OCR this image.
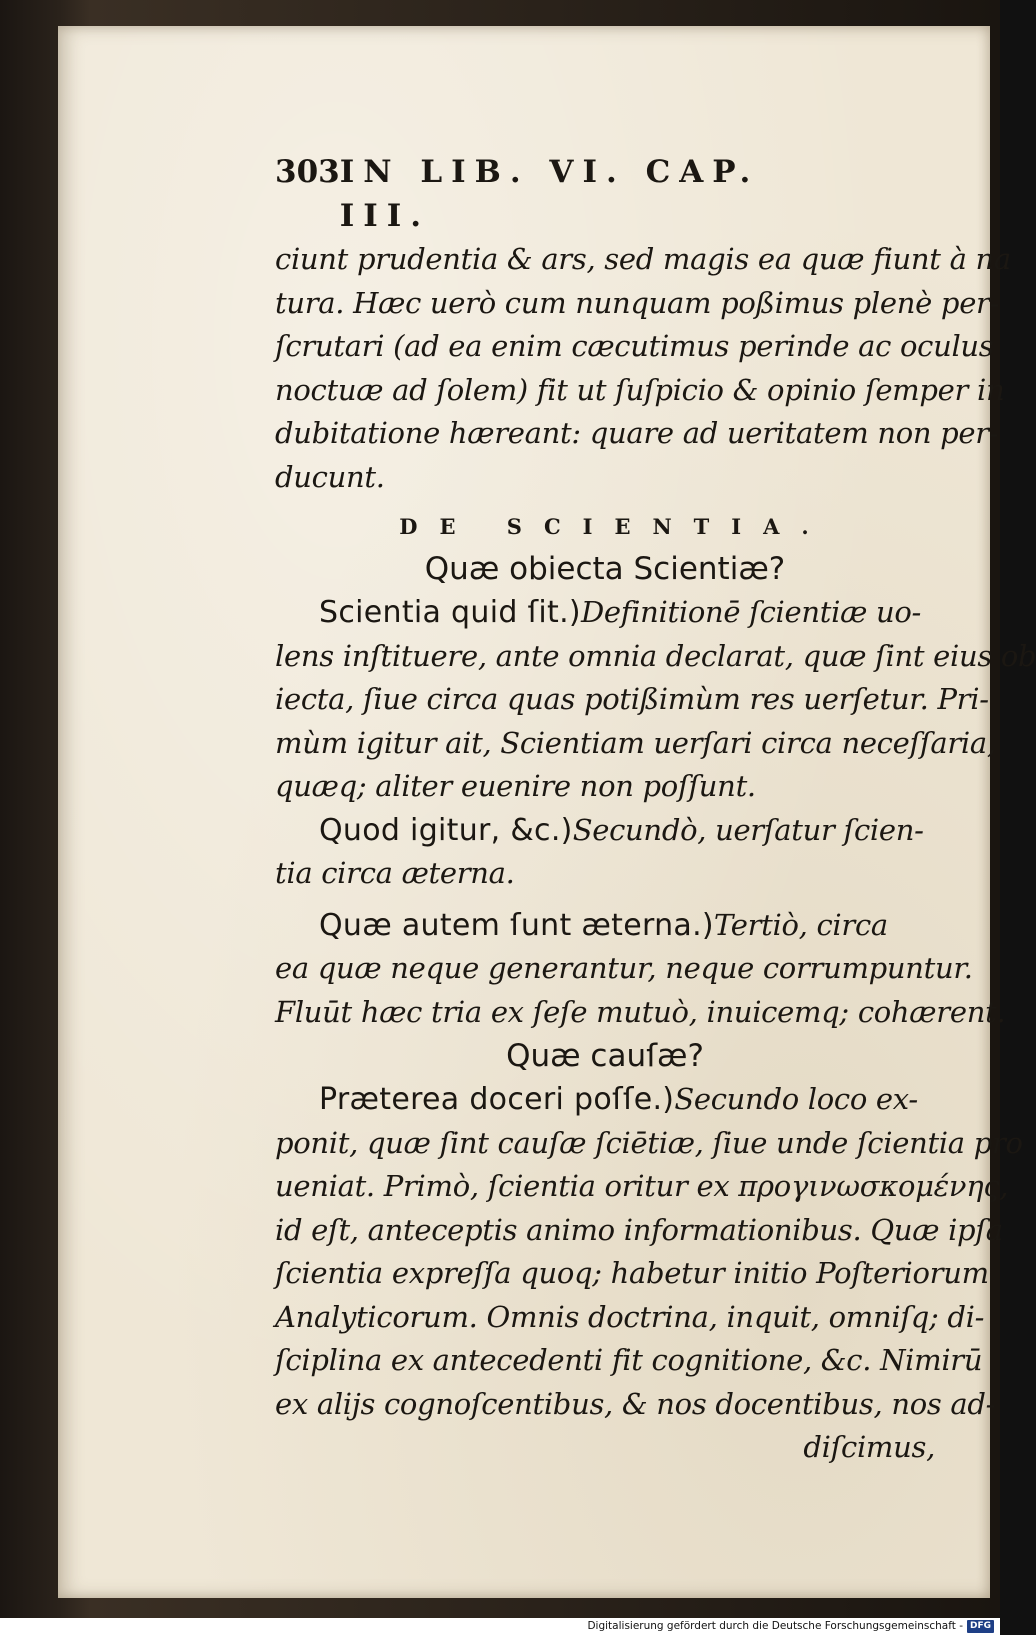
303 IN LIB. VI. CAP. III.
ciunt prudentia & ars, sed magis ea quæ fiunt à na
tura. Hæc uerò cum nunquam poßimus plenè per-
ſcrutari (ad ea enim cæcutimus perinde ac oculus
noctuæ ad ſolem) fit ut ſuſpicio & opinio ſemper in
dubitatione hæreant: quare ad ueritatem non per-
ducunt.
DE SCIENTIA.
Quæ obiecta Scientiæ?
Scientia quid ſit.)Definitionē ſcientiæ uo-
lens inſtituere, ante omnia declarat, quæ ſint eius ob
iecta, ſiue circa quas potißimùm res uerſetur. Pri-
mùm igitur ait, Scientiam uerſari circa neceſſaria,
quæq; aliter euenire non poſſunt.
Quod igitur, &c.)Secundò, uerſatur ſcien-
tia circa æterna.
Quæ autem ſunt æterna.)Tertiò, circa
ea quæ neque generantur, neque corrumpuntur.
Fluūt hæc tria ex ſeſe mutuò, inuicemq; cohærent.
Quæ cauſæ?
Præterea doceri poſſe.)Secundo loco ex-
ponit, quæ ſint cauſæ ſciētiæ, ſiue unde ſcientia pro
ueniat. Primò, ſcientia oritur ex προγινωσκομένης,
id eſt, anteceptis animo informationibus. Quæ ipſa
ſcientia expreſſa quoq; habetur initio Poſteriorum
Analyticorum. Omnis doctrina, inquit, omniſq; di-
ſciplina ex antecedenti fit cognitione, &c. Nimirū
ex alijs cognoſcentibus, & nos docentibus, nos ad-
diſcimus,
Digitalisierung gefördert durch die Deutsche Forschungsgemeinschaft - DFG
